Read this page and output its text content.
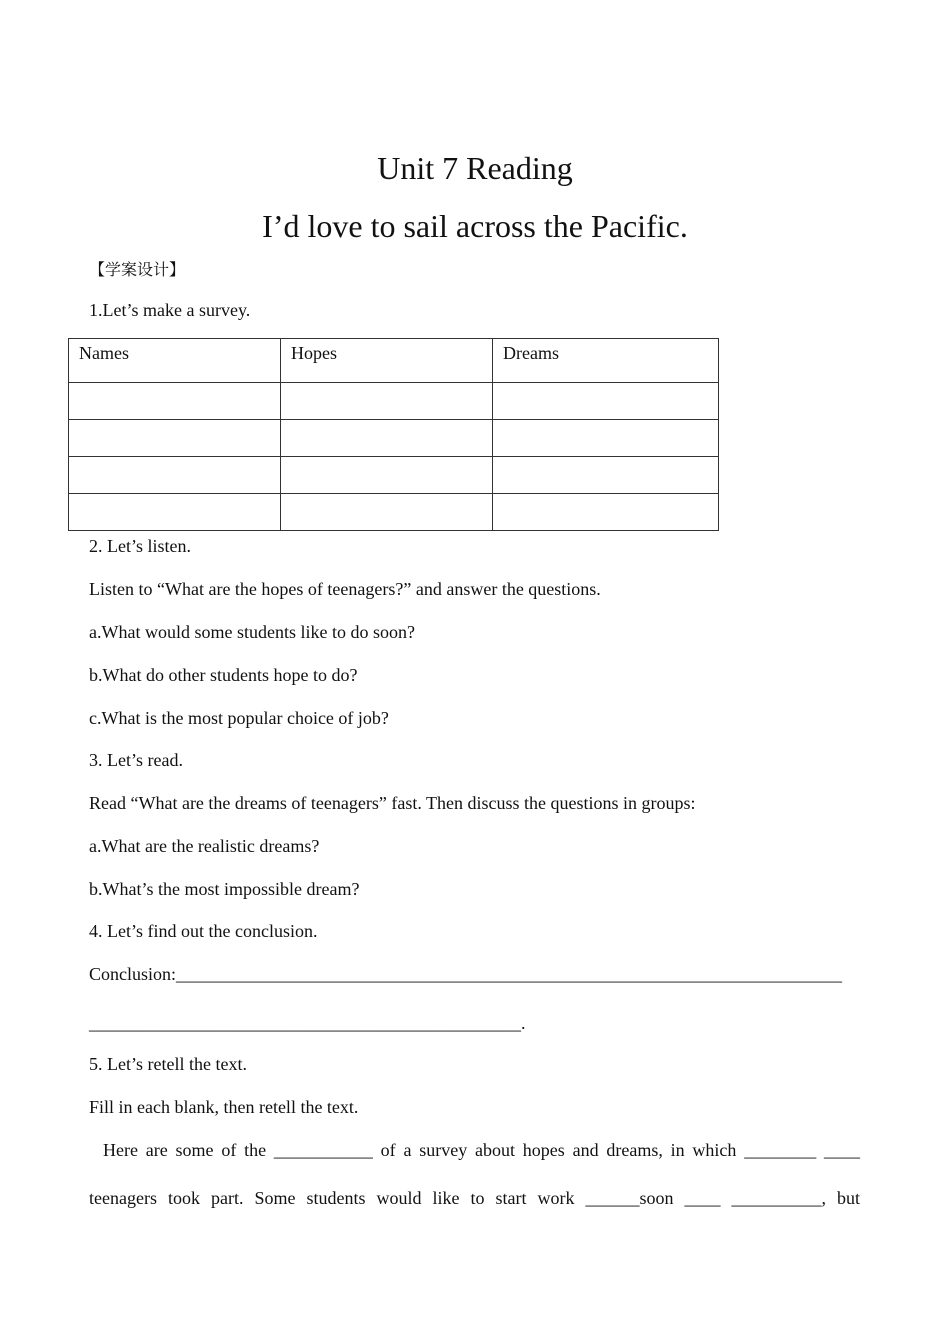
Unit 7 Reading
I’d love to sail across the Pacific.

【学案设计】

1.Let’s make a survey.

Names	Hopes	Dreams

2. Let’s listen.

Listen to “What are the hopes of teenagers?” and answer the questions.

a.What would some students like to do soon?

b.What do other students hope to do?

c.What is the most popular choice of job?

3. Let’s read.

Read “What are the dreams of teenagers” fast. Then discuss the questions in groups:

a.What are the realistic dreams?

b.What’s the most impossible dream?

4. Let’s find out the conclusion.

Conclusion:__________________________________________________________________________

________________________________________________.

5. Let’s retell the text.

Fill in each blank, then retell the text.

Here are some of the ___________ of a survey about hopes and dreams, in which ________ ____

teenagers took part. Some students would like to start work ______soon ____ __________, but
